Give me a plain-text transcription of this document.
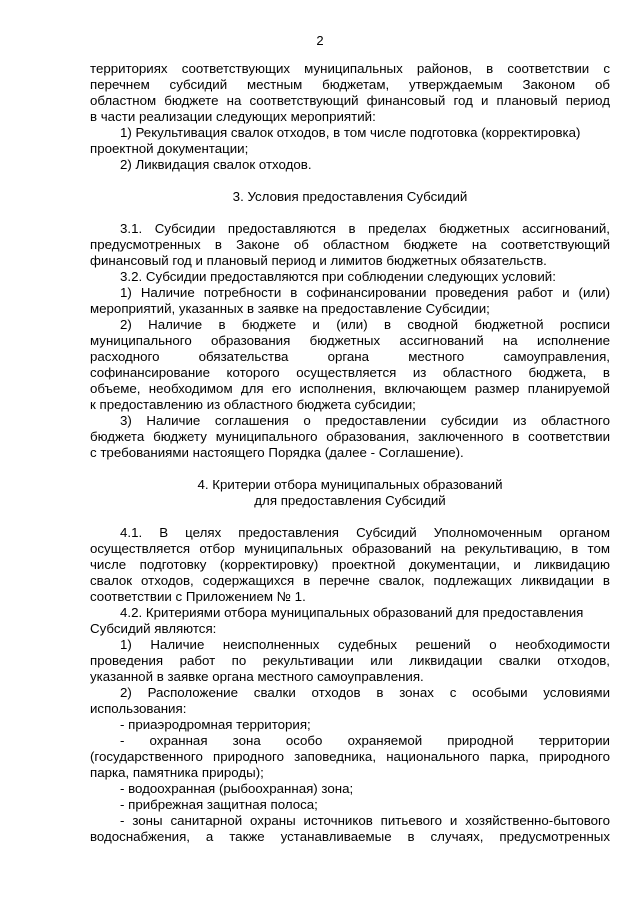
2
территориях соответствующих муниципальных районов, в соответствии с
перечнем субсидий местным бюджетам, утверждаемым Законом об
областном бюджете на соответствующий финансовый год и плановый период
в части реализации следующих мероприятий:
1) Рекультивация свалок отходов, в том числе подготовка (корректировка)
проектной документации;
2) Ликвидация свалок отходов.
3. Условия предоставления Субсидий
3.1. Субсидии предоставляются в пределах бюджетных ассигнований,
предусмотренных в Законе об областном бюджете на соответствующий
финансовый год и плановый период и лимитов бюджетных обязательств.
3.2. Субсидии предоставляются при соблюдении следующих условий:
1) Наличие потребности в софинансировании проведения работ и (или)
мероприятий, указанных в заявке на предоставление Субсидии;
2) Наличие в бюджете и (или) в сводной бюджетной росписи
муниципального образования бюджетных ассигнований на исполнение
расходного обязательства органа местного самоуправления,
софинансирование которого осуществляется из областного бюджета, в
объеме, необходимом для его исполнения, включающем размер планируемой
к предоставлению из областного бюджета субсидии;
3) Наличие соглашения о предоставлении субсидии из областного
бюджета бюджету муниципального образования, заключенного в соответствии
с требованиями настоящего Порядка (далее - Соглашение).
4. Критерии отбора муниципальных образований
для предоставления Субсидий
4.1. В целях предоставления Субсидий Уполномоченным органом
осуществляется отбор муниципальных образований на рекультивацию, в том
числе подготовку (корректировку) проектной документации, и ликвидацию
свалок отходов, содержащихся в перечне свалок, подлежащих ликвидации в
соответствии с Приложением № 1.
4.2. Критериями отбора муниципальных образований для предоставления
Субсидий являются:
1) Наличие неисполненных судебных решений о необходимости
проведения работ по рекультивации или ликвидации свалки отходов,
указанной в заявке органа местного самоуправления.
2) Расположение свалки отходов в зонах с особыми условиями
использования:
- приаэродромная территория;
- охранная зона особо охраняемой природной территории
(государственного природного заповедника, национального парка, природного
парка, памятника природы);
- водоохранная (рыбоохранная) зона;
- прибрежная защитная полоса;
- зоны санитарной охраны источников питьевого и хозяйственно-бытового
водоснабжения, а также устанавливаемые в случаях, предусмотренных
